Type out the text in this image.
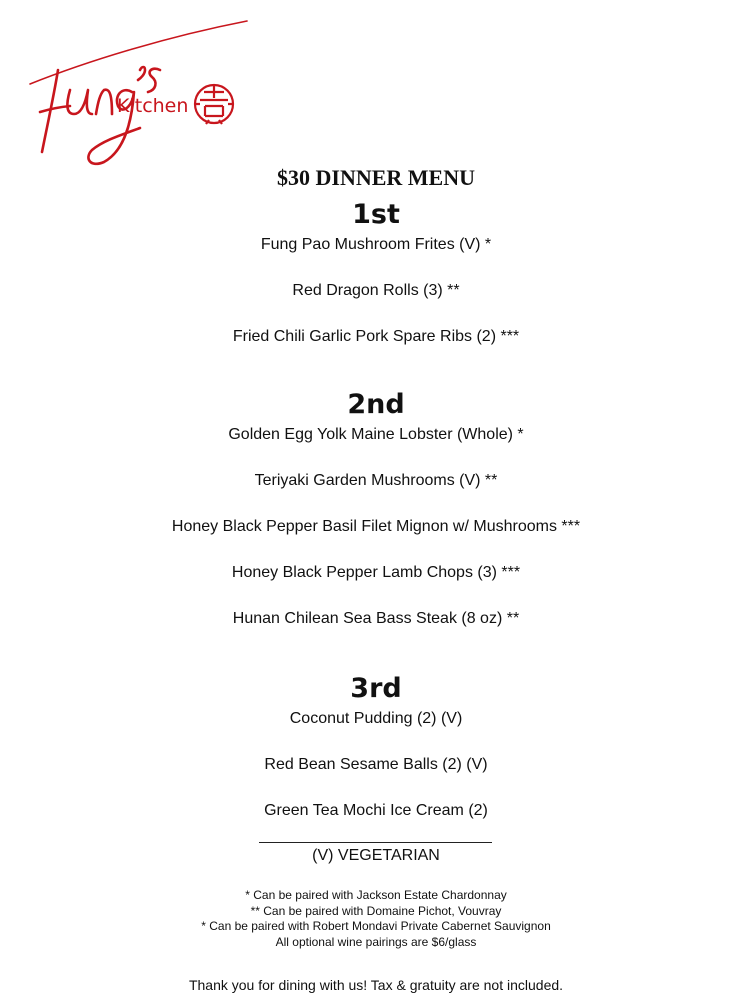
Kitchen
$30 DINNER MENU
1st
Fung Pao Mushroom Frites (V) *
Red Dragon Rolls (3) **
Fried Chili Garlic Pork Spare Ribs (2) ***
2nd
Golden Egg Yolk Maine Lobster (Whole) *
Teriyaki Garden Mushrooms (V) **
Honey Black Pepper Basil Filet Mignon w/ Mushrooms ***
Honey Black Pepper Lamb Chops (3) ***
Hunan Chilean Sea Bass Steak (8 oz) **
3rd
Coconut Pudding (2) (V)
Red Bean Sesame Balls (2) (V)
Green Tea Mochi Ice Cream (2)
(V) VEGETARIAN
* Can be paired with Jackson Estate Chardonnay
** Can be paired with Domaine Pichot, Vouvray
* Can be paired with Robert Mondavi Private Cabernet Sauvignon
All optional wine pairings are $6/glass
Thank you for dining with us! Tax & gratuity are not included.
